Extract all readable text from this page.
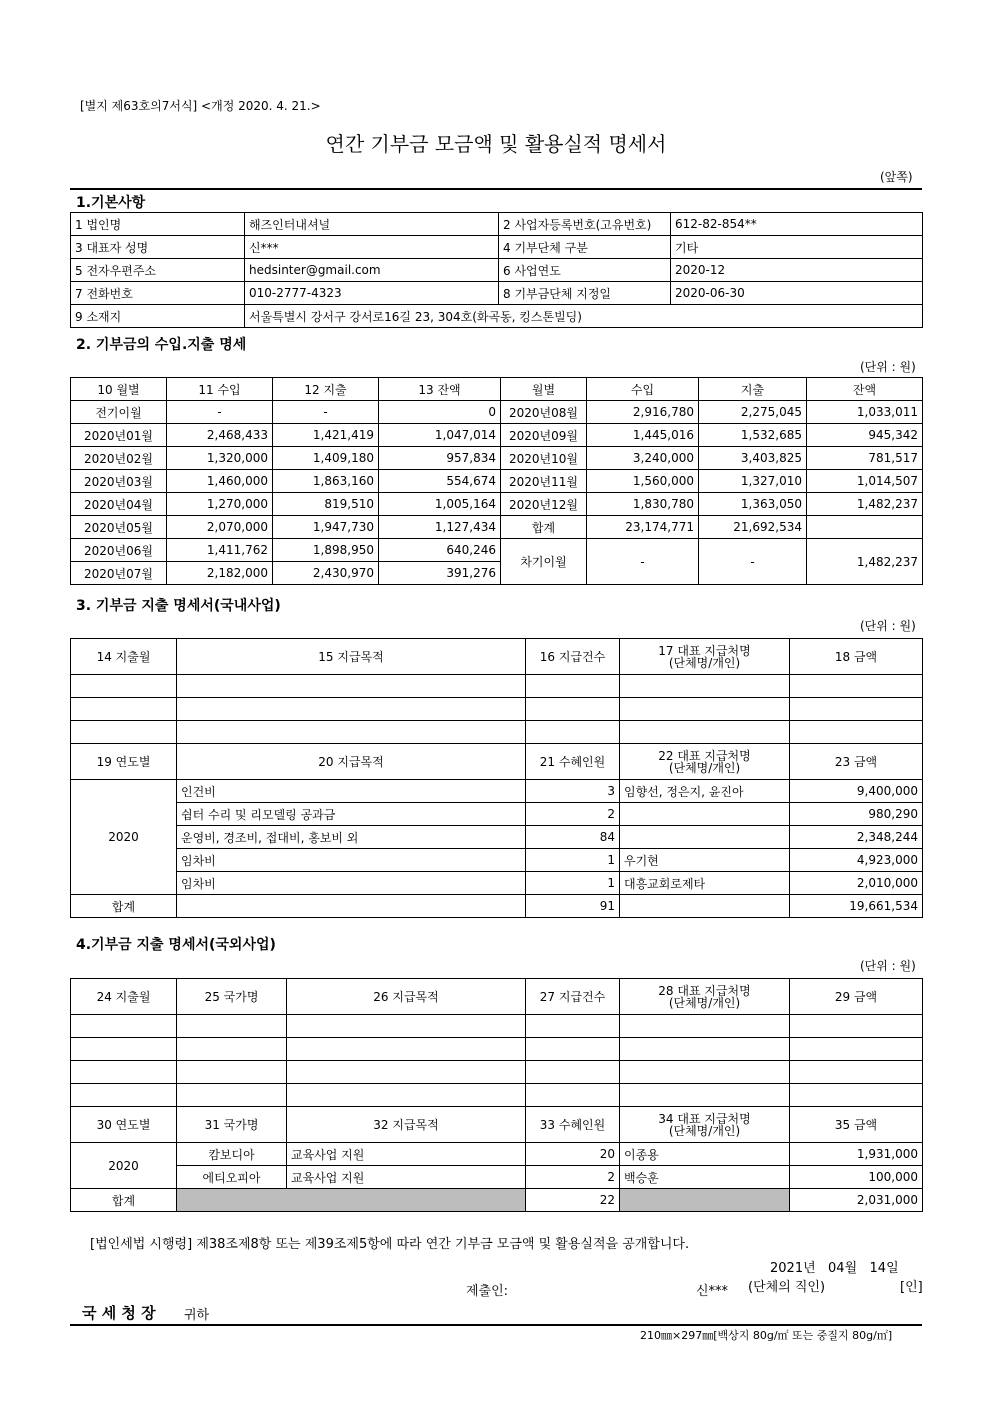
[별지 제63호의7서식] <개정 2020. 4. 21.>
연간 기부금 모금액 및 활용실적 명세서
(앞쪽)
1.기본사항
1 법인명	해즈인터내셔널	2 사업자등록번호(고유번호)	612-82-854**
3 대표자 성명	신***	4 기부단체 구분	기타
5 전자우편주소	hedsinter@gmail.com	6 사업연도	2020-12
7 전화번호	010-2777-4323	8 기부금단체 지정일	2020-06-30
9 소재지	서울특별시 강서구 강서로16길 23, 304호(화곡동, 킹스톤빌딩)		
2. 기부금의 수입.지출 명세
(단위 : 원)
10 월별	11 수입	12 지출	13 잔액	월별	수입	지출	잔액
전기이월	-	-	0	2020년08월	2,916,780	2,275,045	1,033,011
2020년01월	2,468,433	1,421,419	1,047,014	2020년09월	1,445,016	1,532,685	945,342
2020년02월	1,320,000	1,409,180	957,834	2020년10월	3,240,000	3,403,825	781,517
2020년03월	1,460,000	1,863,160	554,674	2020년11월	1,560,000	1,327,010	1,014,507
2020년04월	1,270,000	819,510	1,005,164	2020년12월	1,830,780	1,363,050	1,482,237
2020년05월	2,070,000	1,947,730	1,127,434	합계	23,174,771	21,692,534	
2020년06월	1,411,762	1,898,950	640,246	차기이월	-	-	1,482,237
2020년07월	2,182,000	2,430,970	391,276				
3. 기부금 지출 명세서(국내사업)
(단위 : 원)
14 지출월	15 지급목적	16 지급건수	17 대표 지급처명
(단체명/개인)	18 금액

19 연도별	20 지급목적	21 수혜인원	22 대표 지급처명
(단체명/개인)	23 금액
2020	인건비	3	임향선, 정은지, 윤진아	9,400,000
	쉼터 수리 및 리모델링 공과금	2		980,290
	운영비, 경조비, 접대비, 홍보비 외	84		2,348,244
	임차비	1	우기현	4,923,000
	임차비	1	대흥교회로제타	2,010,000
합계		91		19,661,534
4.기부금 지출 명세서(국외사업)
(단위 : 원)
24 지출월	25 국가명	26 지급목적	27 지급건수	28 대표 지급처명
(단체명/개인)	29 금액

30 연도별	31 국가명	32 지급목적	33 수혜인원	34 대표 지급처명
(단체명/개인)	35 금액
2020	캄보디아	교육사업 지원	20	이종용	1,931,000
	에티오피아	교육사업 지원	2	백승훈	100,000
합계			22		2,031,000
[법인세법 시행령] 제38조제8항 또는 제39조제5항에 따라 연간 기부금 모금액 및 활용실적을 공개합니다.
2021년   04월   14일
제출인:	신*** (단체의 직인)	[인]
국 세 청 장 귀하
210㎜×297㎜[백상지 80g/㎡ 또는 중질지 80g/㎡]
